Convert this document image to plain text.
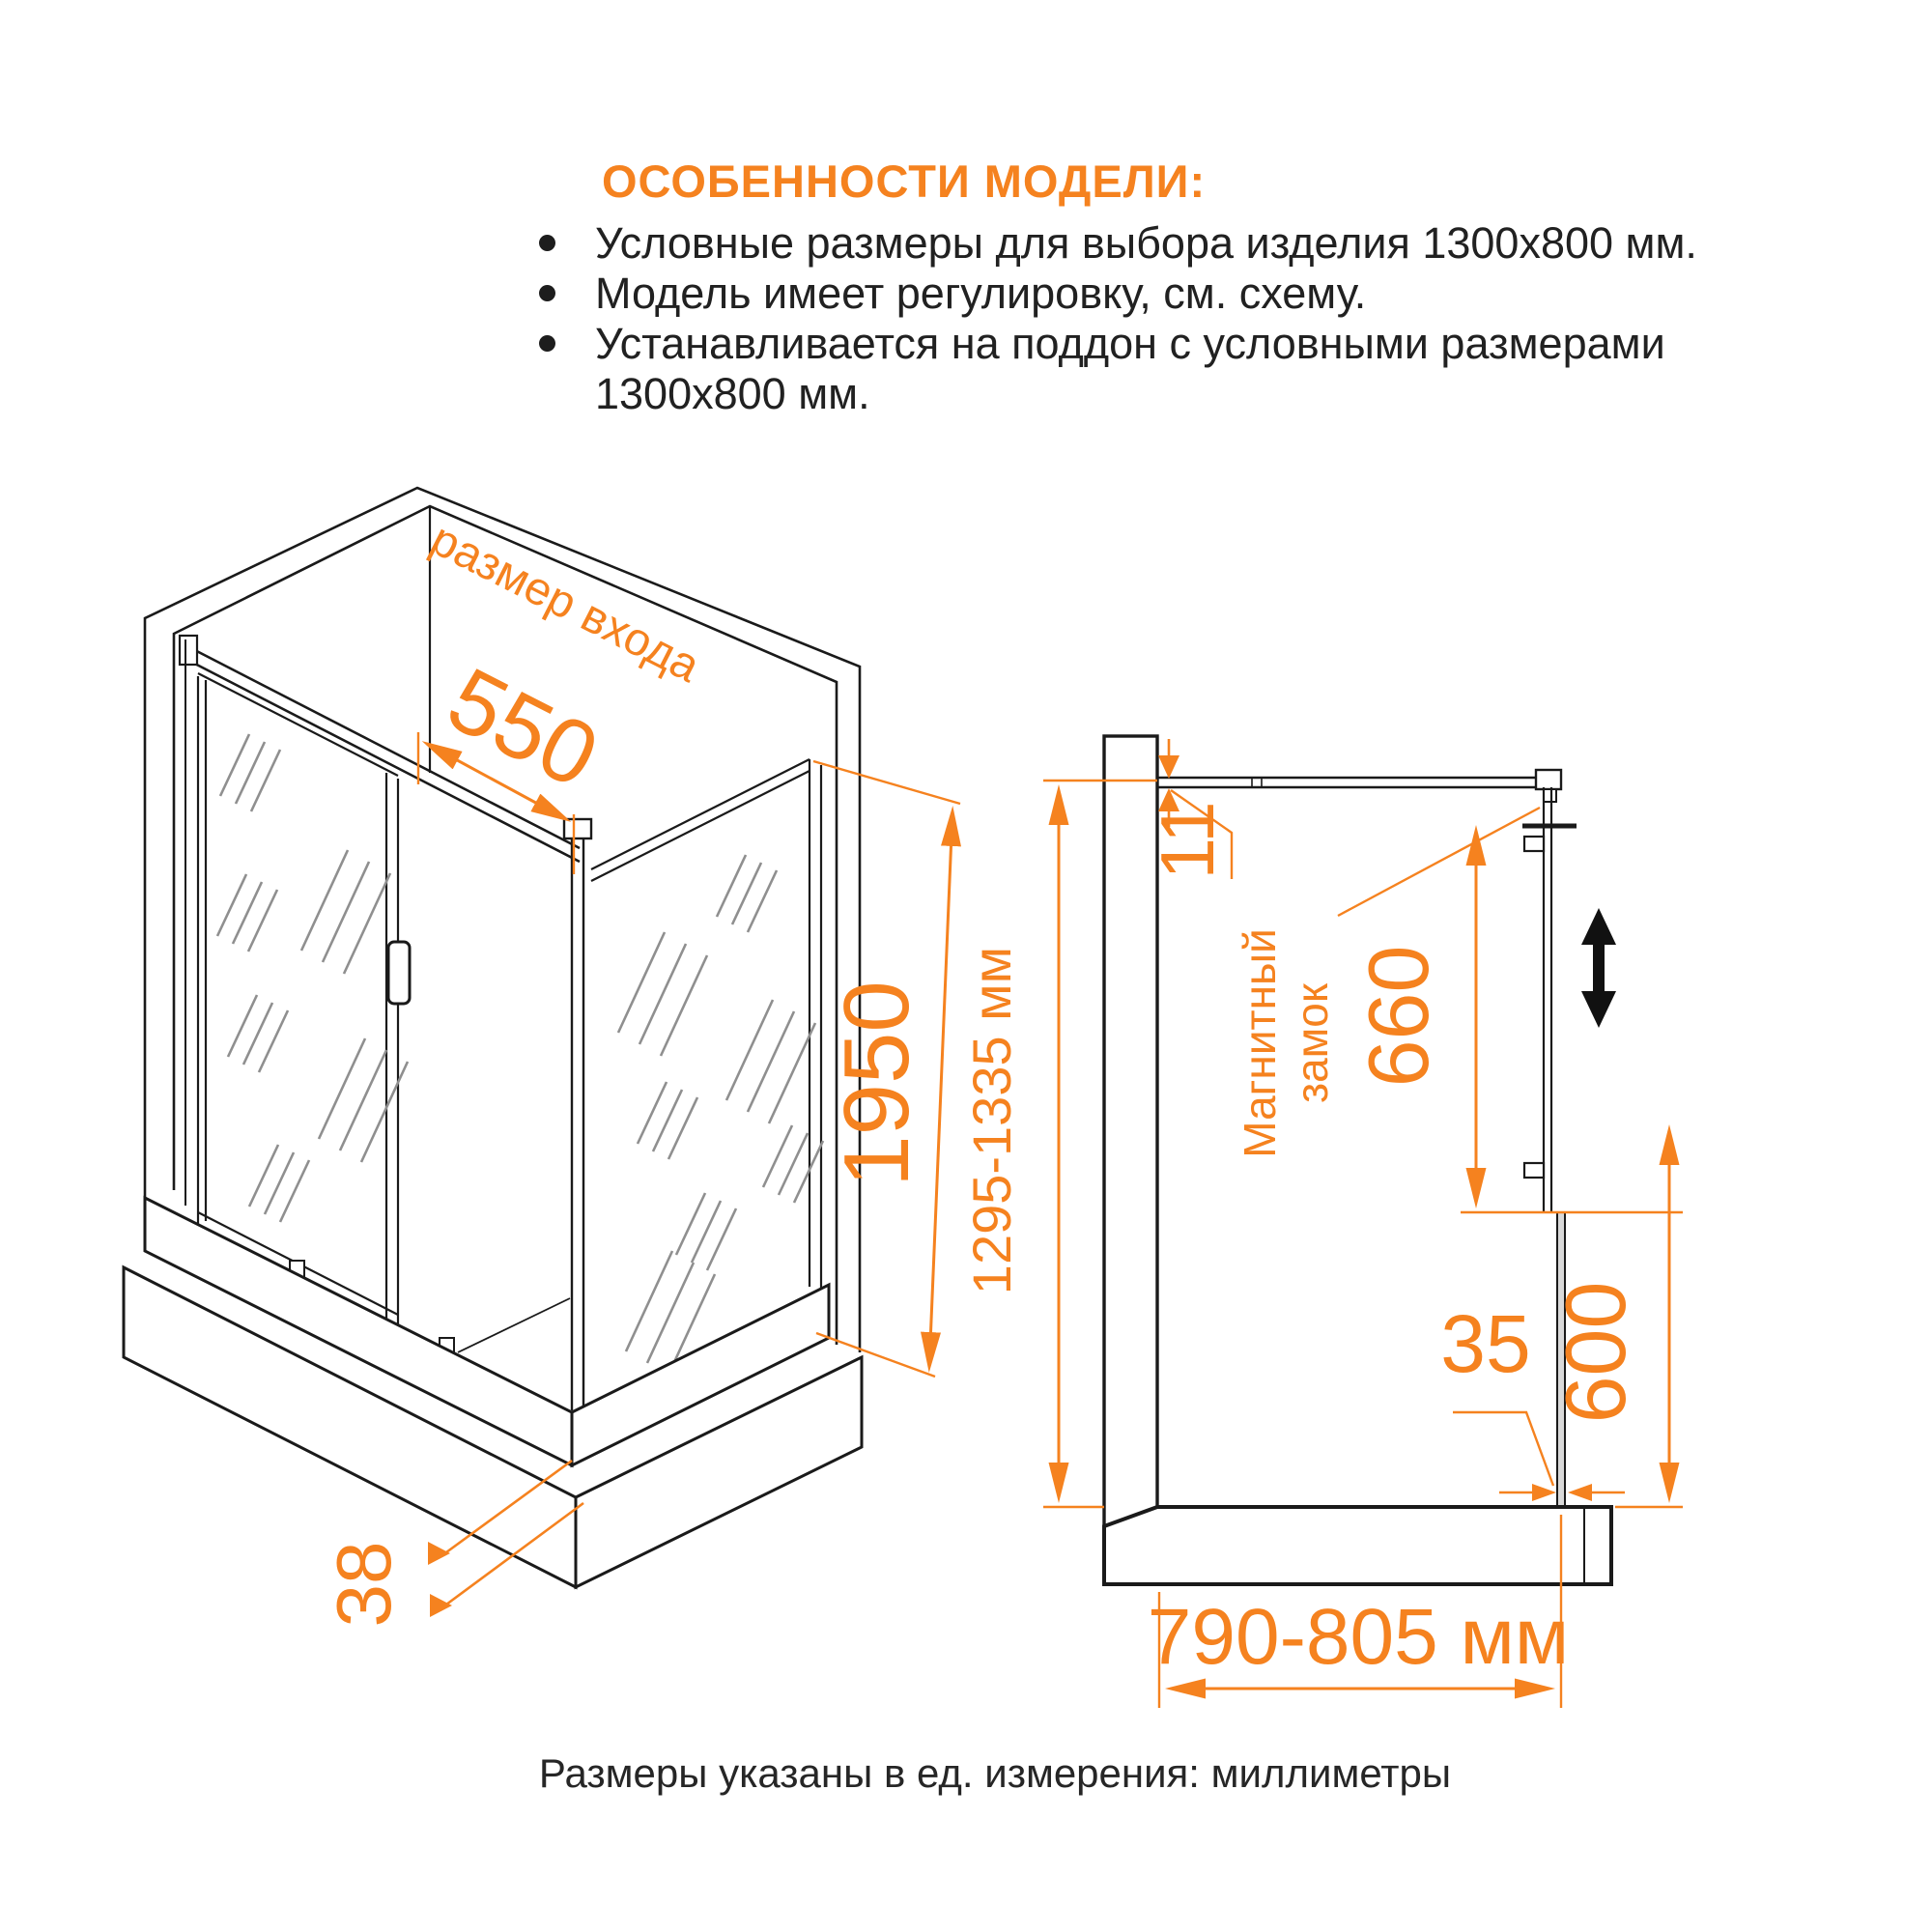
ОСОБЕННОСТИ МОДЕЛИ:
Условные размеры для выбора изделия 1300x800 мм.
Модель имеет регулировку, см. схему.
Устанавливается на поддон с условными размерами
1300x800 мм.
размер входа
550
1950
38
1295-1335 мм
11
Магнитный замок 660
600
35
790-805 мм
Размеры указаны в ед. измерения: миллиметры
